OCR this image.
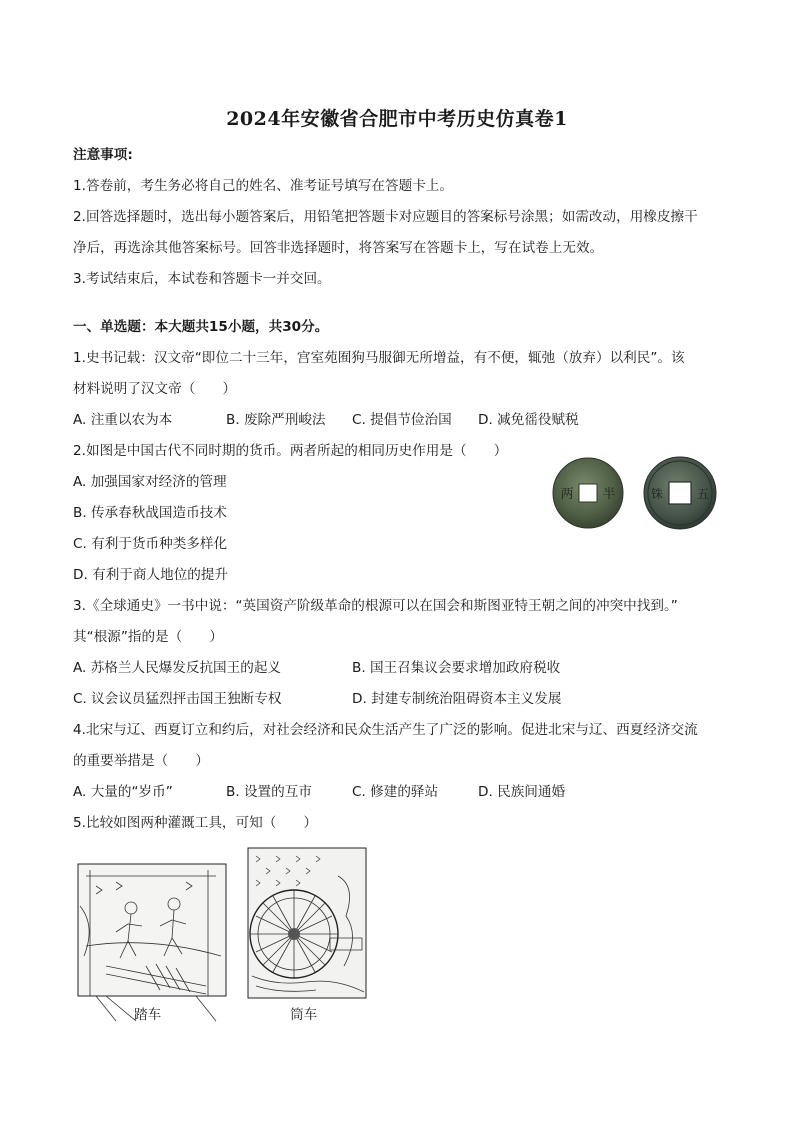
2024年安徽省合肥市中考历史仿真卷1
注意事项:
1.答卷前，考生务必将自己的姓名、准考证号填写在答题卡上。
2.回答选择题时，选出每小题答案后，用铅笔把答题卡对应题目的答案标号涂黑；如需改动，用橡皮擦干
净后，再选涂其他答案标号。回答非选择题时，将答案写在答题卡上，写在试卷上无效。
3.考试结束后，本试卷和答题卡一并交回。
一、单选题：本大题共15小题，共30分。
1.史书记载：汉文帝“即位二十三年，宫室苑囿狗马服御无所增益，有不便，辄弛（放弃）以利民”。该
材料说明了汉文帝（　　）
A. 注重以农为本	B. 废除严刑峻法 C. 提倡节俭治国 D. 减免徭役赋税
2.如图是中国古代不同时期的货币。两者所起的相同历史作用是（　　）
A. 加强国家对经济的管理
B. 传承春秋战国造币技术
C. 有利于货币种类多样化
D. 有利于商人地位的提升
两 半	铢	五
3.《全球通史》一书中说：“英国资产阶级革命的根源可以在国会和斯图亚特王朝之间的冲突中找到。”
其“根源”指的是（　　）
A. 苏格兰人民爆发反抗国王的起义	B. 国王召集议会要求增加政府税收
C. 议会议员猛烈抨击国王独断专权	D. 封建专制统治阻碍资本主义发展
4.北宋与辽、西夏订立和约后，对社会经济和民众生活产生了广泛的影响。促进北宋与辽、西夏经济交流
的重要举措是（　　）
A. 大量的“岁币”	B. 设置的互市	C. 修建的驿站	D. 民族间通婚
5.比较如图两种灌溉工具，可知（　　）
踏车	筒车
